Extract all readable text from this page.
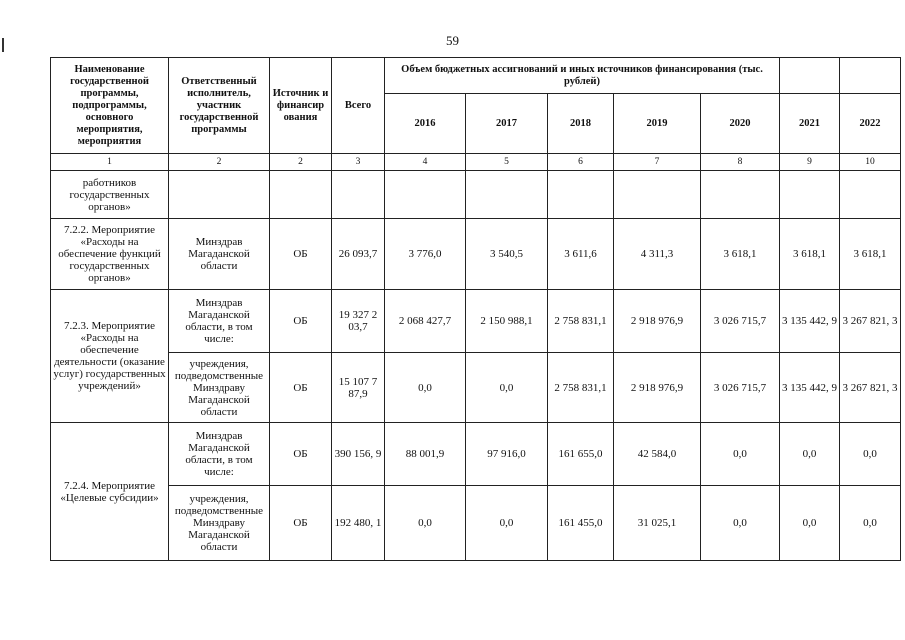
59
Наименование государственной программы, подпрограммы, основного мероприятия, мероприятия	Ответственный исполнитель, участник государственной программы	Источник и финансир ования	Всего	Объем бюджетных ассигнований и иных источников финансирования (тыс. рублей)						
				2016	2017	2018	2019	2020	2021	2022
1	2	2	3	4	5	6	7	8	9	10
работников государственных органов»										
7.2.2. Мероприятие «Расходы на обеспечение функций государственных органов»	Минздрав Магаданской области	ОБ	26 093,7	3 776,0	3 540,5	3 611,6	4 311,3	3 618,1	3 618,1	3 618,1
7.2.3. Мероприятие «Расходы на обеспечение деятельности (оказание услуг) государственных учреждений»	Минздрав Магаданской области, в том числе:	ОБ	19 327 2 03,7	2 068 427,7	2 150 988,1	2 758 831,1	2 918 976,9	3 026 715,7	3 135 442, 9	3 267 821, 3
	учреждения, подведомственные Минздраву Магаданской области	ОБ	15 107 7 87,9	0,0	0,0	2 758 831,1	2 918 976,9	3 026 715,7	3 135 442, 9	3 267 821, 3
7.2.4. Мероприятие «Целевые субсидии»	Минздрав Магаданской области, в том числе:	ОБ	390 156, 9	88 001,9	97 916,0	161 655,0	42 584,0	0,0	0,0	0,0
	учреждения, подведомственные Минздраву Магаданской области	ОБ	192 480, 1	0,0	0,0	161 455,0	31 025,1	0,0	0,0	0,0
